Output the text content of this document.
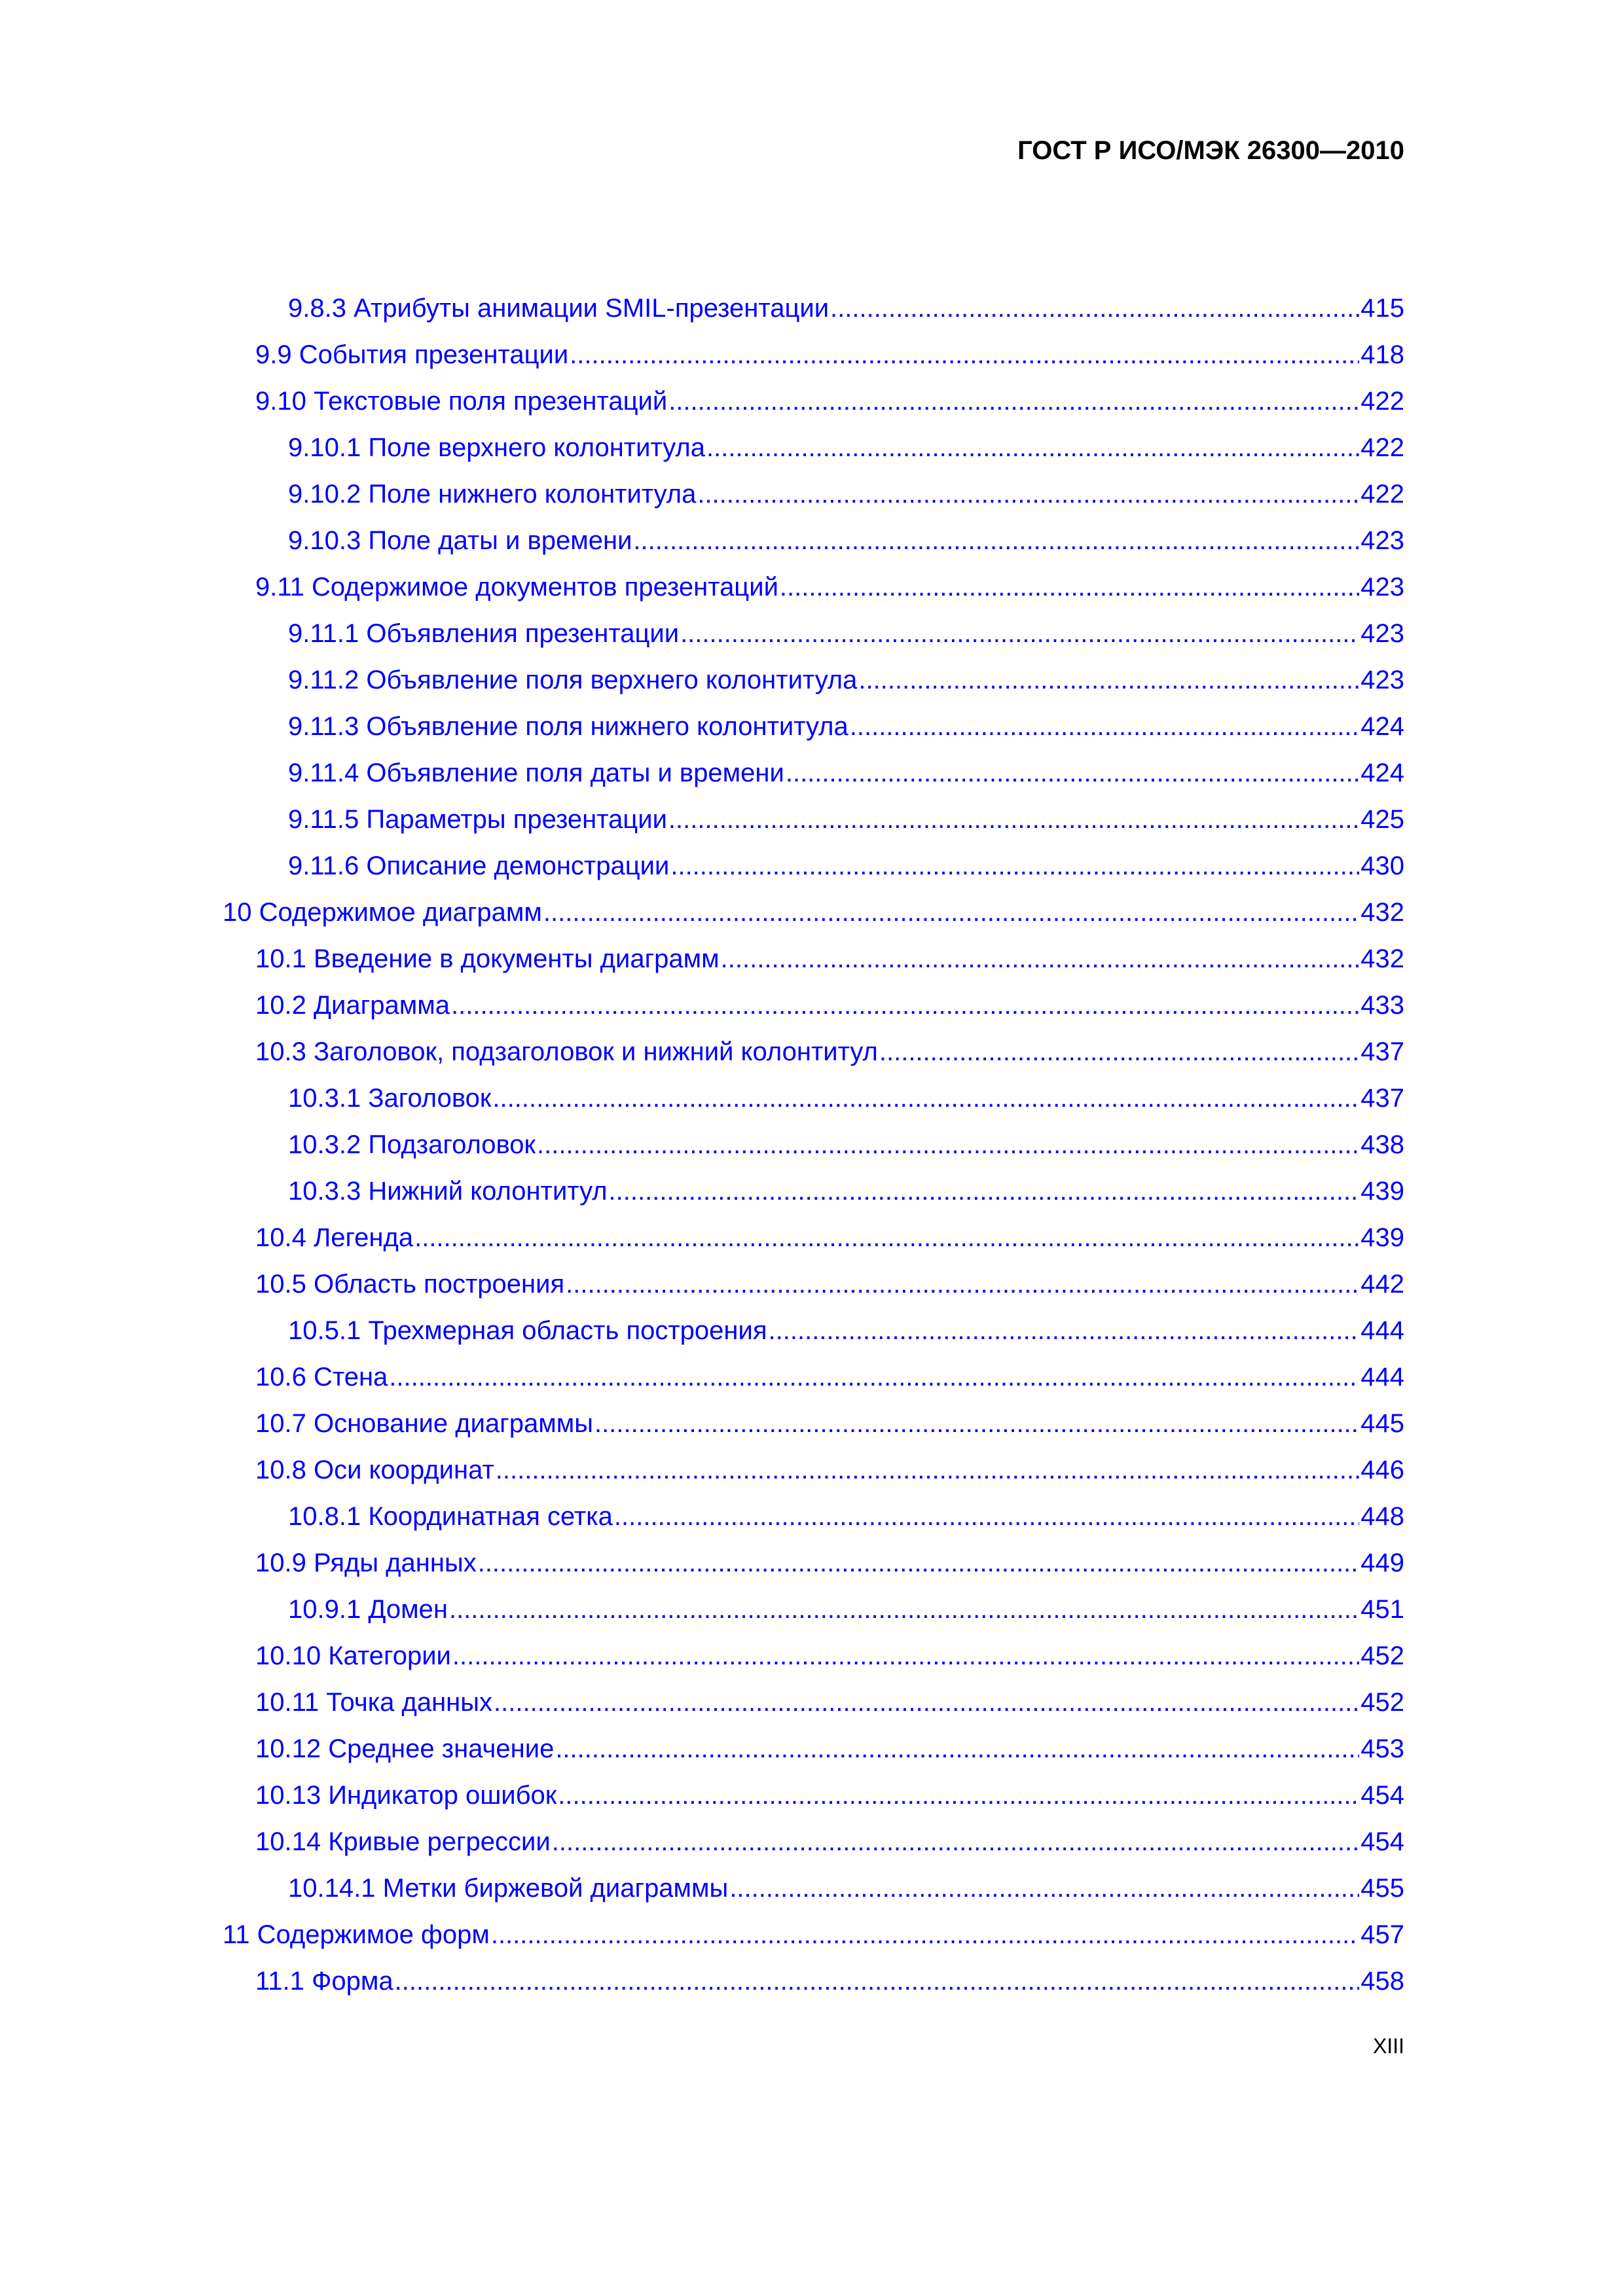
ГОСТ Р ИСО/МЭК 26300—2010
9.8.3 Атрибуты анимации SMIL-презентации .....	415
9.9 События презентации .....	418
9.10 Текстовые поля презентаций .....	422
9.10.1 Поле верхнего колонтитула .....	422
9.10.2 Поле нижнего колонтитула .....	422
9.10.3 Поле даты и времени .....	423
9.11 Содержимое документов презентаций .....	423
9.11.1 Объявления презентации .....	423
9.11.2 Объявление поля верхнего колонтитула .....	423
9.11.3 Объявление поля нижнего колонтитула .....	424
9.11.4 Объявление поля даты и времени .....	424
9.11.5 Параметры презентации .....	425
9.11.6 Описание демонстрации .....	430
10 Содержимое диаграмм .....	432
10.1 Введение в документы диаграмм .....	432
10.2 Диаграмма .....	433
10.3 Заголовок, подзаголовок и нижний колонтитул .....	437
10.3.1 Заголовок .....	437
10.3.2 Подзаголовок .....	438
10.3.3 Нижний колонтитул .....	439
10.4 Легенда .....	439
10.5 Область построения .....	442
10.5.1 Трехмерная область построения .....	444
10.6 Стена .....	444
10.7 Основание диаграммы .....	445
10.8 Оси координат .....	446
10.8.1 Координатная сетка .....	448
10.9 Ряды данных .....	449
10.9.1 Домен .....	451
10.10 Категории .....	452
10.11 Точка данных .....	452
10.12 Среднее значение .....	453
10.13 Индикатор ошибок .....	454
10.14 Кривые регрессии .....	454
10.14.1 Метки биржевой диаграммы .....	455
11 Содержимое форм .....	457
11.1 Форма .....	458
XIII
